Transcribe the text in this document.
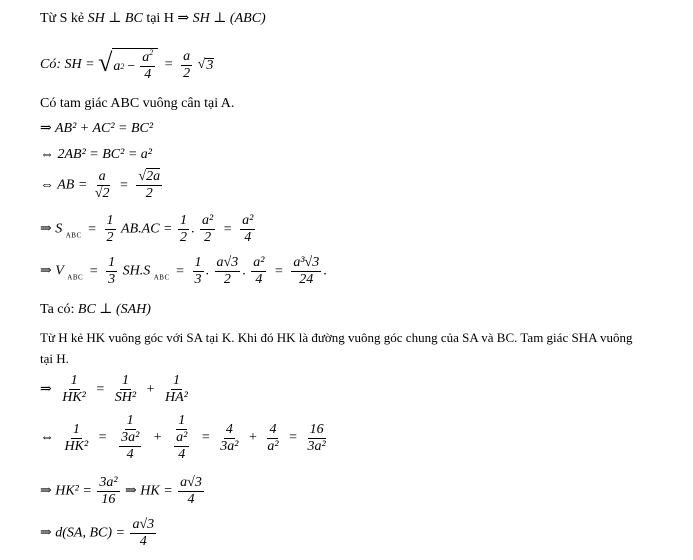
Từ S kẻ SH ⊥ BC tại H ⇒ SH ⊥ (ABC)
Có: SH = √ a $2 - \frac{a^2}{4} = \frac{a}{2}$
√ 3
Có tam giác ABC vuông cân tại A.
⇒ AB² + AC² = BC²
⇔ 2AB² = BC² = a²
⇔ AB = $\frac{a}{√2} = \frac{√2a}{2}$
⇒ S $_{ABC} = \frac{1}{2} AB.AC = \frac{1}{2}$ . $\frac{\text{a²}}{2} = \frac{\text{a²}}{4}$
⇒ V $_{ABC} = \frac{1}{3} SH.S$ $_{ABC} = \frac{1}{3}$ . $\frac{a√3}{2}$ . $\frac{\text{a²}}{4} = \frac{\text{a³√3}}{24}$ .
Ta có: BC ⊥ (SAH)
Từ H kẻ HK vuông góc với SA tại K. Khi đó HK là đường vuông góc chung của SA và BC. Tam giác SHA vuông
tại H.
⇒ $\frac{1}{\text{HK²}} = \frac{1}{\text{SH²}} + \frac{1}{\text{HA²}}$
⇔ $\frac{1}{\text{HK²}} = \frac{1}{\frac{\text{3a²}}{4}} + \frac{1}{\frac{\text{a²}}{4}} = \frac{4}{\text{3a²}} + \frac{4}{\text{a²}} = \frac{16}{\text{3a²}}$
⇒ $HK^2 = \frac{\text{3a²}}{16}$ ⇒ HK = $\frac{a√3}{4}$
⇒ d(SA, $BC) = \frac{a√3}{4}$
